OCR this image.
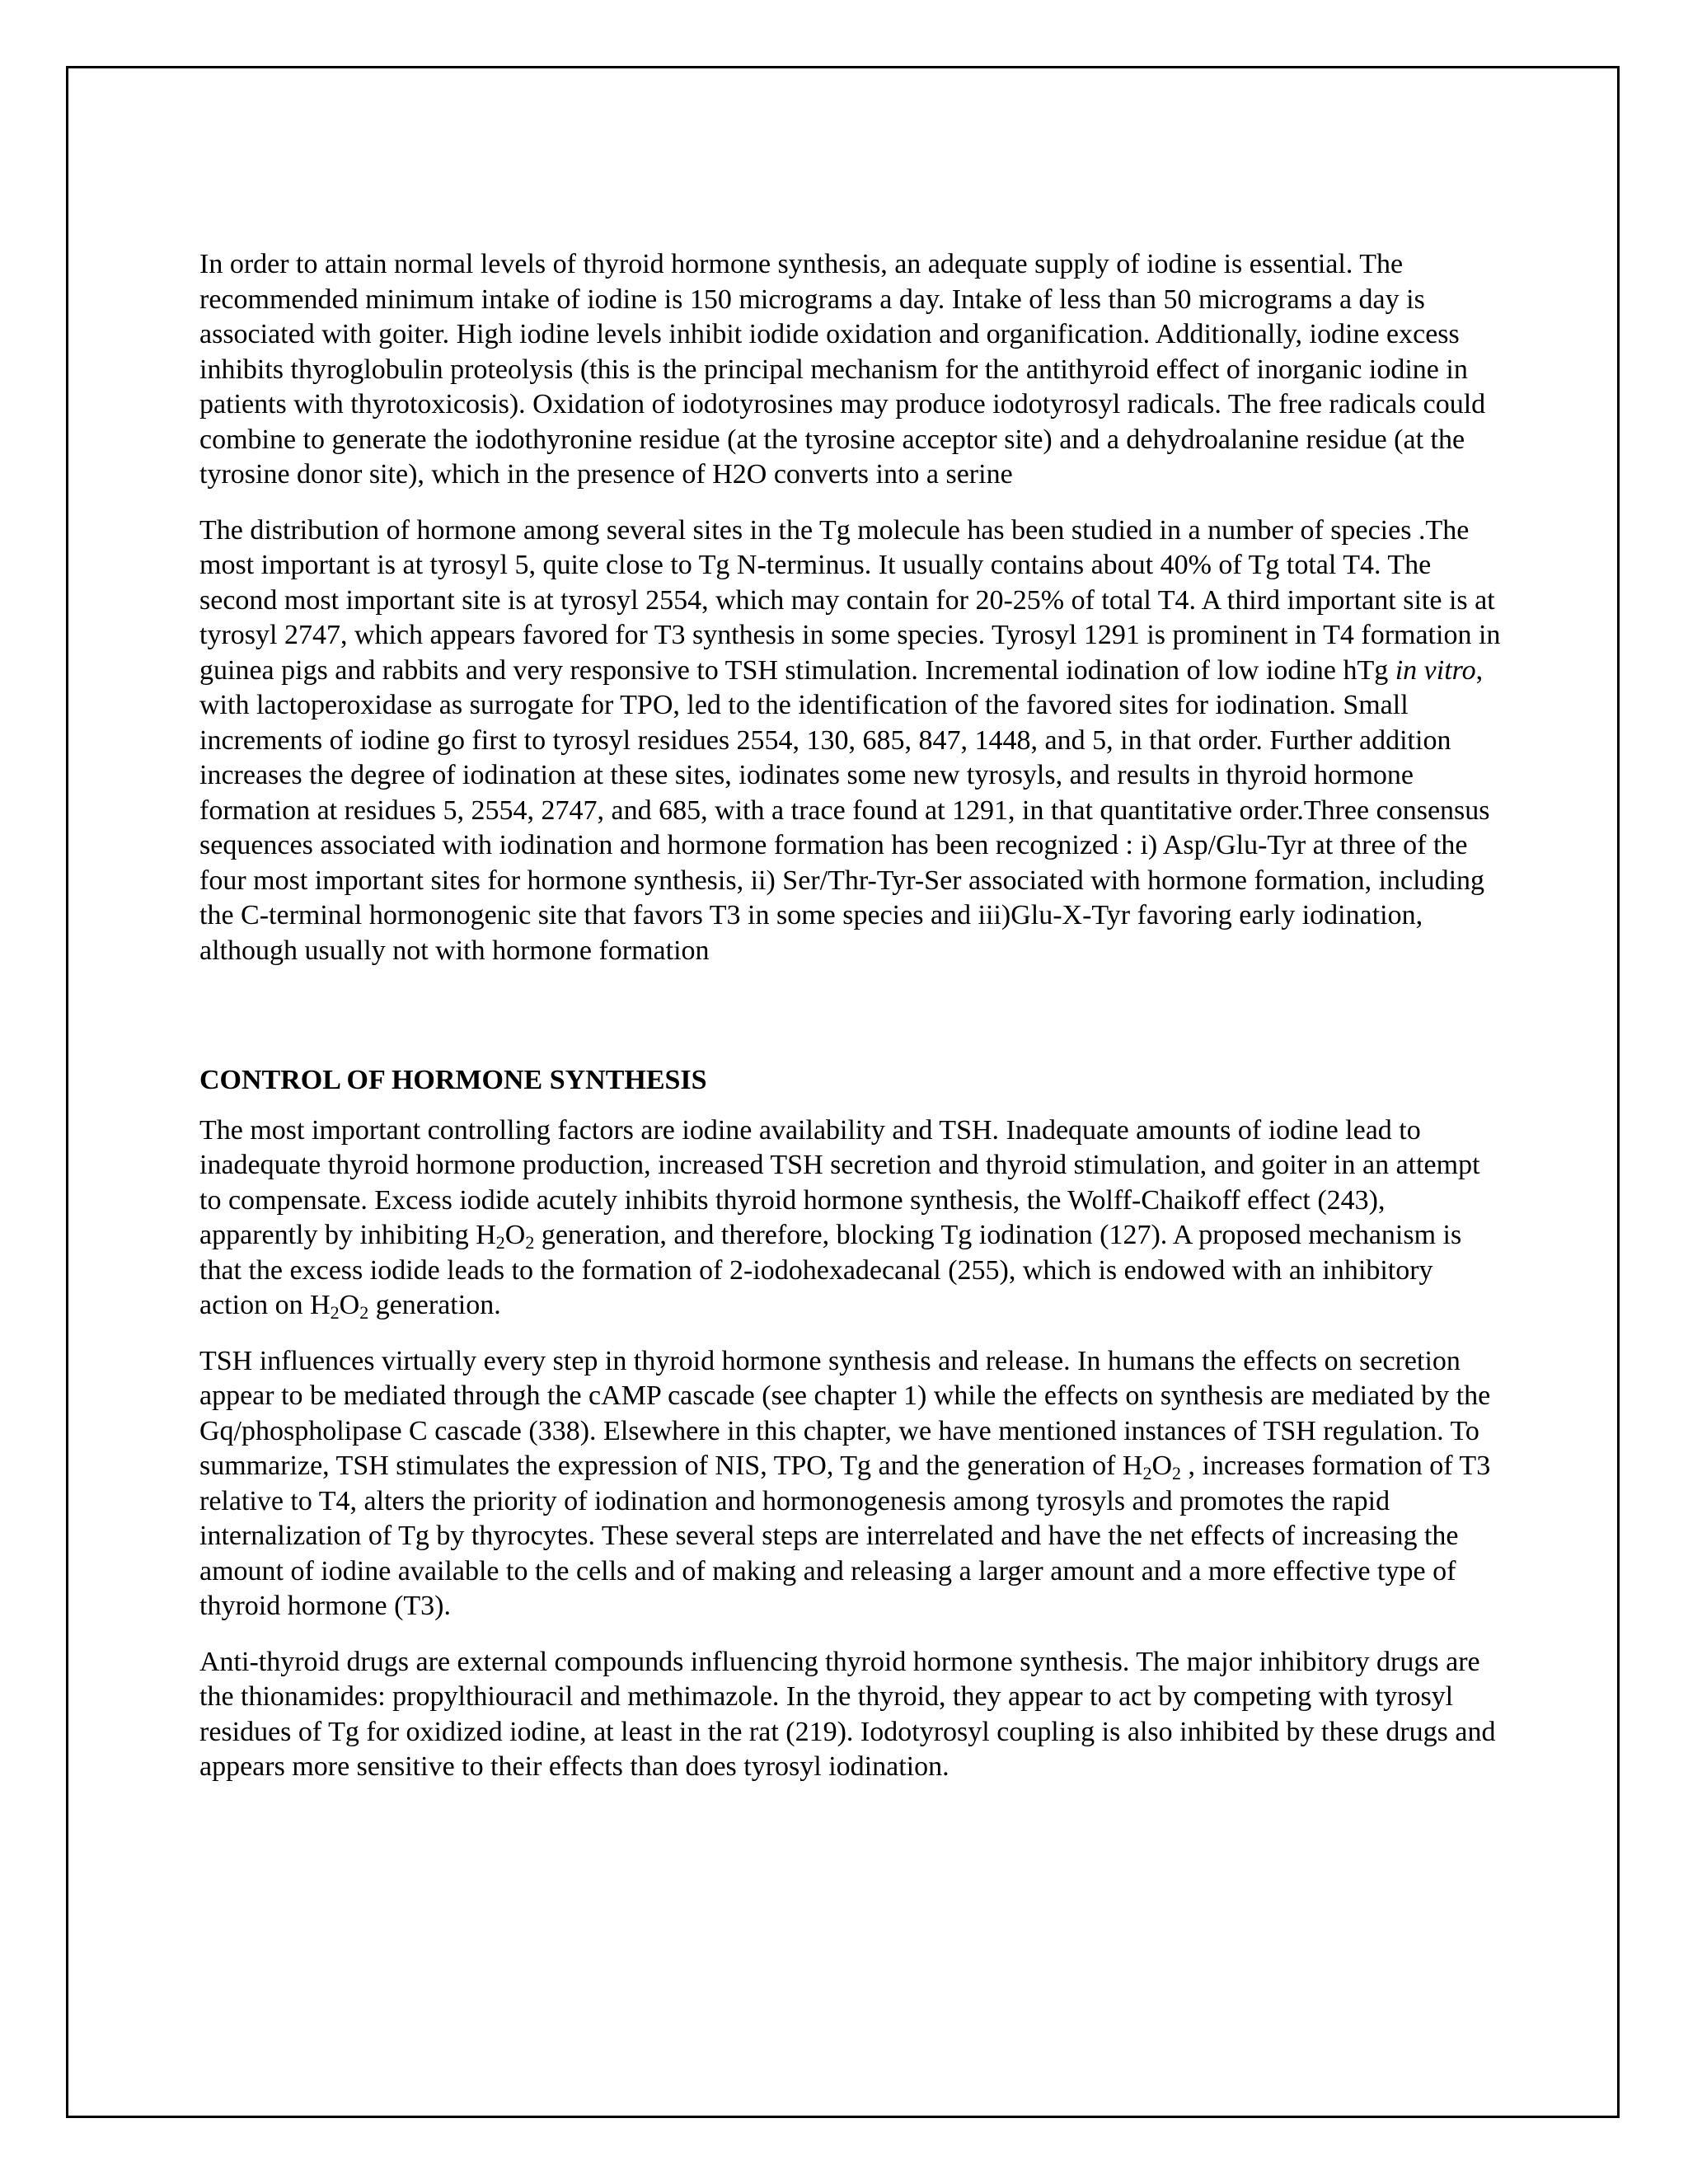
In order to attain normal levels of thyroid hormone synthesis, an adequate supply of iodine is essential. The recommended minimum intake of iodine is 150 micrograms a day. Intake of less than 50 micrograms a day is associated with goiter. High iodine levels inhibit iodide oxidation and organification. Additionally, iodine excess inhibits thyroglobulin proteolysis (this is the principal mechanism for the antithyroid effect of inorganic iodine in patients with thyrotoxicosis). Oxidation of iodotyrosines may produce iodotyrosyl radicals. The free radicals could combine to generate the iodothyronine residue (at the tyrosine acceptor site) and a dehydroalanine residue (at the tyrosine donor site), which in the presence of H2O converts into a serine

The distribution of hormone among several sites in the Tg molecule has been studied in a number of species .The most important is at tyrosyl 5, quite close to Tg N-terminus. It usually contains about 40% of Tg total T4. The second most important site is at tyrosyl 2554, which may contain for 20-25% of total T4. A third important site is at tyrosyl 2747, which appears favored for T3 synthesis in some species. Tyrosyl 1291 is prominent in T4 formation in guinea pigs and rabbits and very responsive to TSH stimulation. Incremental iodination of low iodine hTg in vitro, with lactoperoxidase as surrogate for TPO, led to the identification of the favored sites for iodination. Small increments of iodine go first to tyrosyl residues 2554, 130, 685, 847, 1448, and 5, in that order. Further addition increases the degree of iodination at these sites, iodinates some new tyrosyls, and results in thyroid hormone formation at residues 5, 2554, 2747, and 685, with a trace found at 1291, in that quantitative order.Three consensus sequences associated with iodination and hormone formation has been recognized : i) Asp/Glu-Tyr at three of the four most important sites for hormone synthesis, ii) Ser/Thr-Tyr-Ser associated with hormone formation, including the C-terminal hormonogenic site that favors T3 in some species and iii)Glu-X-Tyr favoring early iodination, although usually not with hormone formation

CONTROL OF HORMONE SYNTHESIS

The most important controlling factors are iodine availability and TSH. Inadequate amounts of iodine lead to inadequate thyroid hormone production, increased TSH secretion and thyroid stimulation, and goiter in an attempt to compensate. Excess iodide acutely inhibits thyroid hormone synthesis, the Wolff-Chaikoff effect (243), apparently by inhibiting $H_2O_2$ generation, and therefore, blocking Tg iodination (127). A proposed mechanism is that the excess iodide leads to the formation of 2-iodohexadecanal (255), which is endowed with an inhibitory action on $H_2O_2$ generation.

TSH influences virtually every step in thyroid hormone synthesis and release. In humans the effects on secretion appear to be mediated through the cAMP cascade (see chapter 1) while the effects on synthesis are mediated by the Gq/phospholipase C cascade (338). Elsewhere in this chapter, we have mentioned instances of TSH regulation. To summarize, TSH stimulates the expression of NIS, TPO, Tg and the generation of $H_2O_2$ , increases formation of T3 relative to T4, alters the priority of iodination and hormonogenesis among tyrosyls and promotes the rapid internalization of Tg by thyrocytes. These several steps are interrelated and have the net effects of increasing the amount of iodine available to the cells and of making and releasing a larger amount and a more effective type of thyroid hormone (T3).

Anti-thyroid drugs are external compounds influencing thyroid hormone synthesis. The major inhibitory drugs are the thionamides: propylthiouracil and methimazole. In the thyroid, they appear to act by competing with tyrosyl residues of Tg for oxidized iodine, at least in the rat (219). Iodotyrosyl coupling is also inhibited by these drugs and appears more sensitive to their effects than does tyrosyl iodination.
